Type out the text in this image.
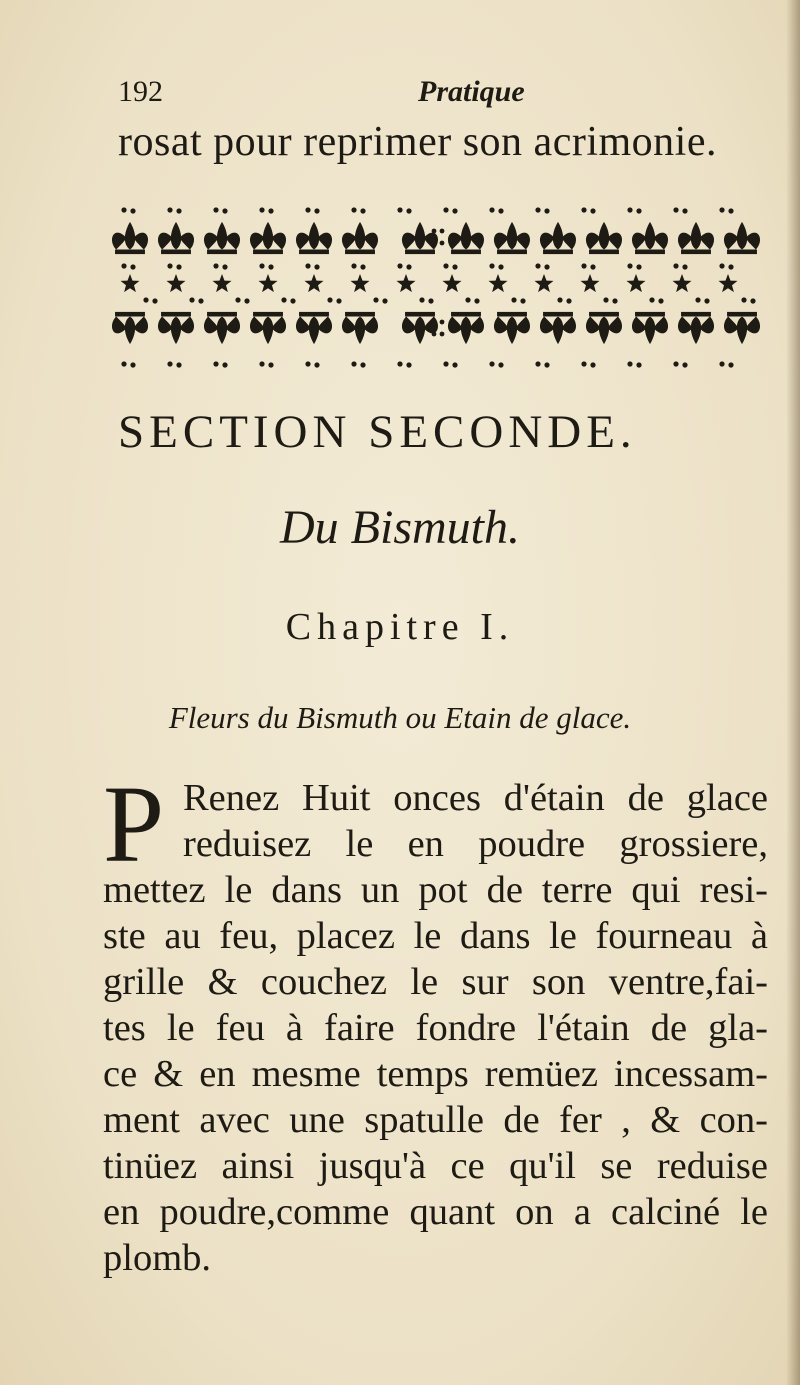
192	Pratique
rosat pour reprimer son acrimonie.
SECTION SECONDE.
Du Bismuth.
Chapitre I.
Fleurs du Bismuth ou Etain de glace.
P Renez Huit onces d'étain de glace
reduisez le en poudre grossiere,
mettez le dans un pot de terre qui resi-
ste au feu, placez le dans le fourneau à
grille & couchez le sur son ventre,fai-
tes le feu à faire fondre l'étain de gla-
ce & en mesme temps remüez incessam-
ment avec une spatulle de fer , & con-
tinüez ainsi jusqu'à ce qu'il se reduise
en poudre,comme quant on a calciné le
plomb.
